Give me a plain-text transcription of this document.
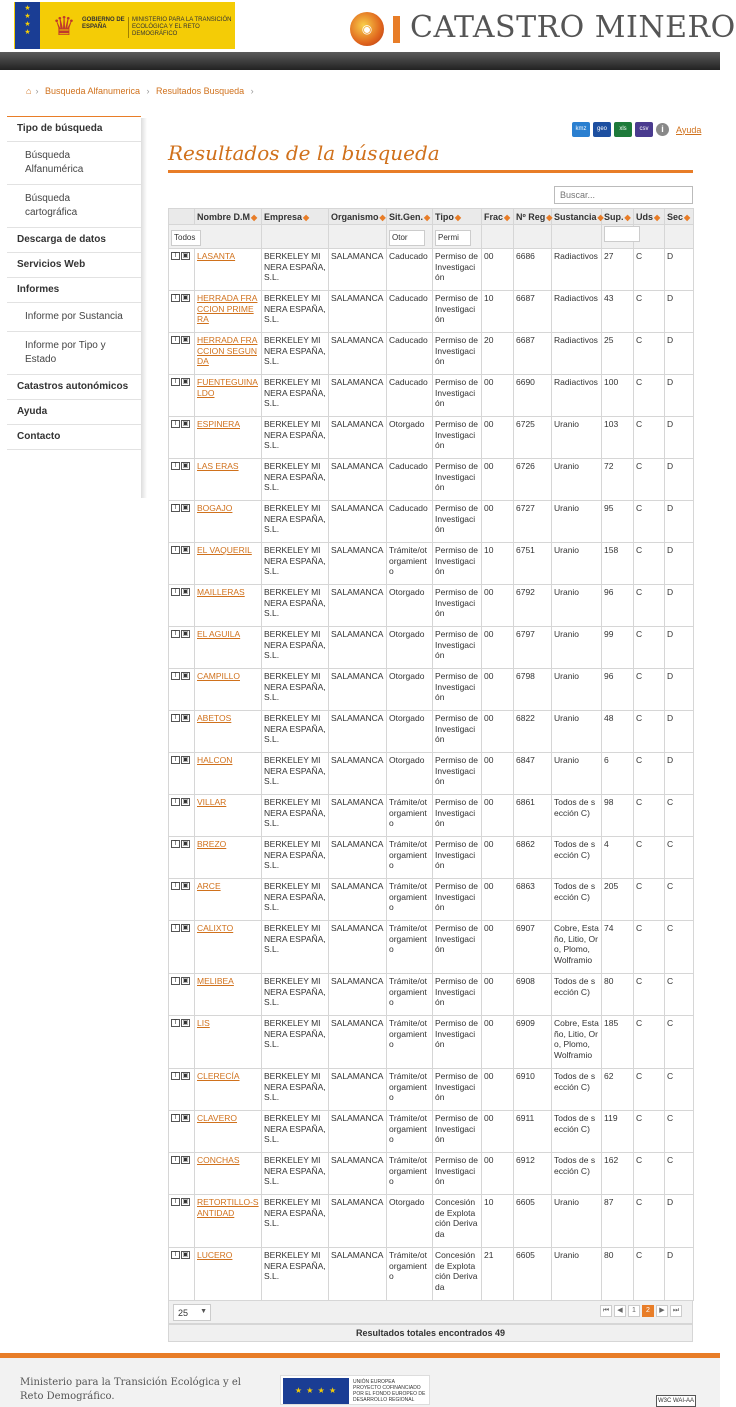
★
★
★
★ ♛	GOBIERNO DE ESPAÑA
MINISTERIO PARA LA TRANSICIÓN ECOLÓGICA Y EL RETO DEMOGRÁFICO	◉	CATASTRO MINERO
⌂ › Busqueda Alfanumerica › Resultados Busqueda ›
Tipo de búsqueda
Búsqueda Alfanumérica
Búsqueda cartográfica
Descarga de datos
Servicios Web
Informes
Informe por Sustancia
Informe por Tipo y Estado
Catastros autonómicos
Ayuda
Contacto
kmz	geo json
xls	csv	i	Ayuda
Resultados de la búsqueda
Buscar...
	Nombre D.M◆	Empresa◆	Organismo◆	Sit.Gen.◆	Tipo◆	Frac◆	Nº Reg◆	Sustancia◆	Sup.◆	Uds◆	Sec◆
Todos				Otor	Permi						

T ▣	LASANTA	BERKELEY MINERA ESPAÑA, S.L.	SALAMANCA	Caducado	Permiso de Investigación	00	6686	Radiactivos	27	C	D

T ▣	HERRADA FRACCION PRIMERA	BERKELEY MINERA ESPAÑA, S.L.	SALAMANCA	Caducado	Permiso de Investigación	10	6687	Radiactivos	43	C	D

T ▣	HERRADA FRACCION SEGUNDA	BERKELEY MINERA ESPAÑA, S.L.	SALAMANCA	Caducado	Permiso de Investigación	20	6687	Radiactivos	25	C	D

T ▣	FUENTEGUINALDO	BERKELEY MINERA ESPAÑA, S.L.	SALAMANCA	Caducado	Permiso de Investigación	00	6690	Radiactivos	100	C	D

T ▣	ESPINERA	BERKELEY MINERA ESPAÑA, S.L.	SALAMANCA	Otorgado	Permiso de Investigación	00	6725	Uranio	103	C	D

T ▣	LAS ERAS	BERKELEY MINERA ESPAÑA, S.L.	SALAMANCA	Caducado	Permiso de Investigación	00	6726	Uranio	72	C	D

T ▣	BOGAJO	BERKELEY MINERA ESPAÑA, S.L.	SALAMANCA	Caducado	Permiso de Investigación	00	6727	Uranio	95	C	D

T ▣	EL VAQUERIL	BERKELEY MINERA ESPAÑA, S.L.	SALAMANCA	Trámite/otorgamiento	Permiso de Investigación	10	6751	Uranio	158	C	D

T ▣	MAILLERAS	BERKELEY MINERA ESPAÑA, S.L.	SALAMANCA	Otorgado	Permiso de Investigación	00	6792	Uranio	96	C	D

T ▣	EL AGUILA	BERKELEY MINERA ESPAÑA, S.L.	SALAMANCA	Otorgado	Permiso de Investigación	00	6797	Uranio	99	C	D

T ▣	CAMPILLO	BERKELEY MINERA ESPAÑA, S.L.	SALAMANCA	Otorgado	Permiso de Investigación	00	6798	Uranio	96	C	D

T ▣	ABETOS	BERKELEY MINERA ESPAÑA, S.L.	SALAMANCA	Otorgado	Permiso de Investigación	00	6822	Uranio	48	C	D

T ▣	HALCON	BERKELEY MINERA ESPAÑA, S.L.	SALAMANCA	Otorgado	Permiso de Investigación	00	6847	Uranio	6	C	D

T ▣	VILLAR	BERKELEY MINERA ESPAÑA, S.L.	SALAMANCA	Trámite/otorgamiento	Permiso de Investigación	00	6861	Todos de sección C)	98	C	C

T ▣	BREZO	BERKELEY MINERA ESPAÑA, S.L.	SALAMANCA	Trámite/otorgamiento	Permiso de Investigación	00	6862	Todos de sección C)	4	C	C

T ▣	ARCE	BERKELEY MINERA ESPAÑA, S.L.	SALAMANCA	Trámite/otorgamiento	Permiso de Investigación	00	6863	Todos de sección C)	205	C	C

T ▣	CALIXTO	BERKELEY MINERA ESPAÑA, S.L.	SALAMANCA	Trámite/otorgamiento	Permiso de Investigación	00	6907	Cobre, Estaño, Litio, Oro, Plomo, Wolframio	74	C	C

T ▣	MELIBEA	BERKELEY MINERA ESPAÑA, S.L.	SALAMANCA	Trámite/otorgamiento	Permiso de Investigación	00	6908	Todos de sección C)	80	C	C

T ▣	LIS	BERKELEY MINERA ESPAÑA, S.L.	SALAMANCA	Trámite/otorgamiento	Permiso de Investigación	00	6909	Cobre, Estaño, Litio, Oro, Plomo, Wolframio	185	C	C

T ▣	CLERECÍA	BERKELEY MINERA ESPAÑA, S.L.	SALAMANCA	Trámite/otorgamiento	Permiso de Investigación	00	6910	Todos de sección C)	62	C	C

T ▣	CLAVERO	BERKELEY MINERA ESPAÑA, S.L.	SALAMANCA	Trámite/otorgamiento	Permiso de Investigación	00	6911	Todos de sección C)	119	C	C

T ▣	CONCHAS	BERKELEY MINERA ESPAÑA, S.L.	SALAMANCA	Trámite/otorgamiento	Permiso de Investigación	00	6912	Todos de sección C)	162	C	C

T ▣	RETORTILLO-SANTIDAD	BERKELEY MINERA ESPAÑA, S.L.	SALAMANCA	Otorgado	Concesión de Explotación Derivada	10	6605	Uranio	87	C	D

T ▣	LUCERO	BERKELEY MINERA ESPAÑA, S.L.	SALAMANCA	Trámite/otorgamiento	Concesión de Explotación Derivada	21	6605	Uranio	80	C	D
25 ▼	⏮	◀	1	2	▶	⏭
Resultados totales encontrados 49
Ministerio para la Transición Ecológica y el Reto Demográfico.
★ ★ ★ ★
UNIÓN EUROPEA
PROYECTO COFINANCIADO POR EL FONDO EUROPEO DE DESARROLLO REGIONAL	W3C WAI-AA
